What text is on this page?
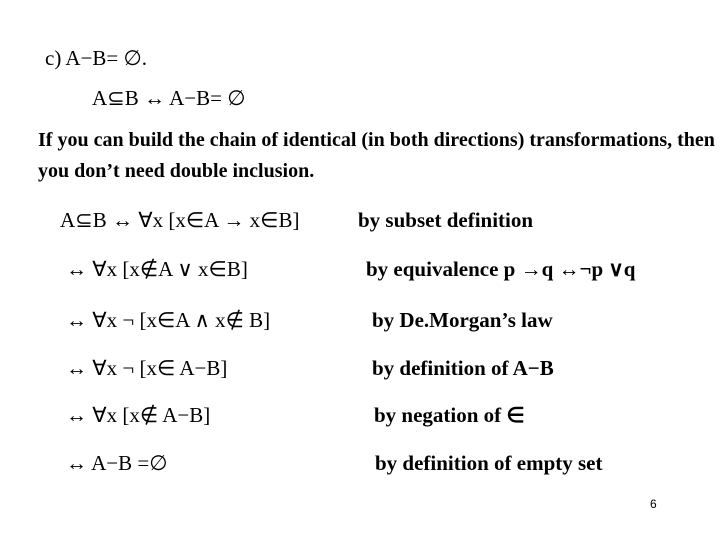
c) A−B= ∅.
A⊆B ↔ A−B= ∅
If you can build the chain of identical (in both directions) transformations, then you don’t need double inclusion.
A⊆B ↔ ∀x [x∈A → x∈B]	by subset definition
↔ ∀x [x∉A ∨ x∈B]	by equivalence p →q ↔¬p ∨q
↔ ∀x ¬ [x∈A ∧ x∉ B]	by De.Morgan’s law
↔ ∀x ¬ [x∈ A−B]	by definition of A−B
↔ ∀x [x∉ A−B]	by negation of ∈
↔ A−B =∅	by definition of empty set
6
